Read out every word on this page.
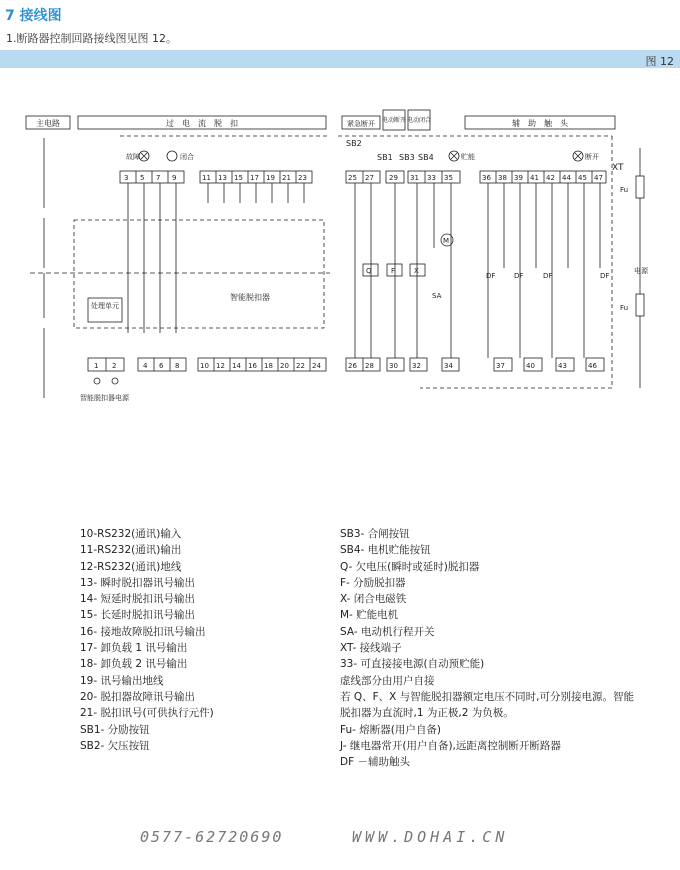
7 接线图
1.断路器控制回路接线图见图 12。
图 12
主电路	过　电　流　脱　扣	紧急断开 电动断开 电动闭合	辅　助　触　头
SB2
SB1 SB3 SB4
故障	闭合	贮能	断开
XT
Fu
Fu
电源
智能脱扣器
处理单元
智能脱扣器电源
Q	F	X
M
SA
DF	DF	DF	DF
3 5 7 9	11 13 15 17 19 21 23	25 27 29 31 33 35	36 38 39 41 42 44 45 47
1 2	4 6 8	10 12 14 16 18 20 22 24	26 28 30 32	34	37	40	43	46
10-RS232(通讯)输入
11-RS232(通讯)输出
12-RS232(通讯)地线
13- 瞬时脱扣器讯号输出
14- 短延时脱扣讯号输出
15- 长延时脱扣讯号输出
16- 接地故障脱扣讯号输出
17- 卸负载 1 讯号输出
18- 卸负载 2 讯号输出
19- 讯号输出地线
20- 脱扣器故障讯号输出
21- 脱扣讯号(可供执行元件)
SB1- 分励按钮
SB2- 欠压按钮
SB3- 合闸按钮
SB4- 电机贮能按钮
Q- 欠电压(瞬时或延时)脱扣器
F- 分励脱扣器
X- 闭合电磁铁
M- 贮能电机
SA- 电动机行程开关
XT- 接线端子
33- 可直接接电源(自动预贮能)
虚线部分由用户自接
若 Q、F、X 与智能脱扣器额定电压不同时,可分别接电源。智能脱扣器为直流时,1 为正极,2 为负极。
Fu- 熔断器(用户自备)
J- 继电器常开(用户自备),远距离控制断开断路器
DF －辅助触头
0577-62720690	WWW.DOHAI.CN
